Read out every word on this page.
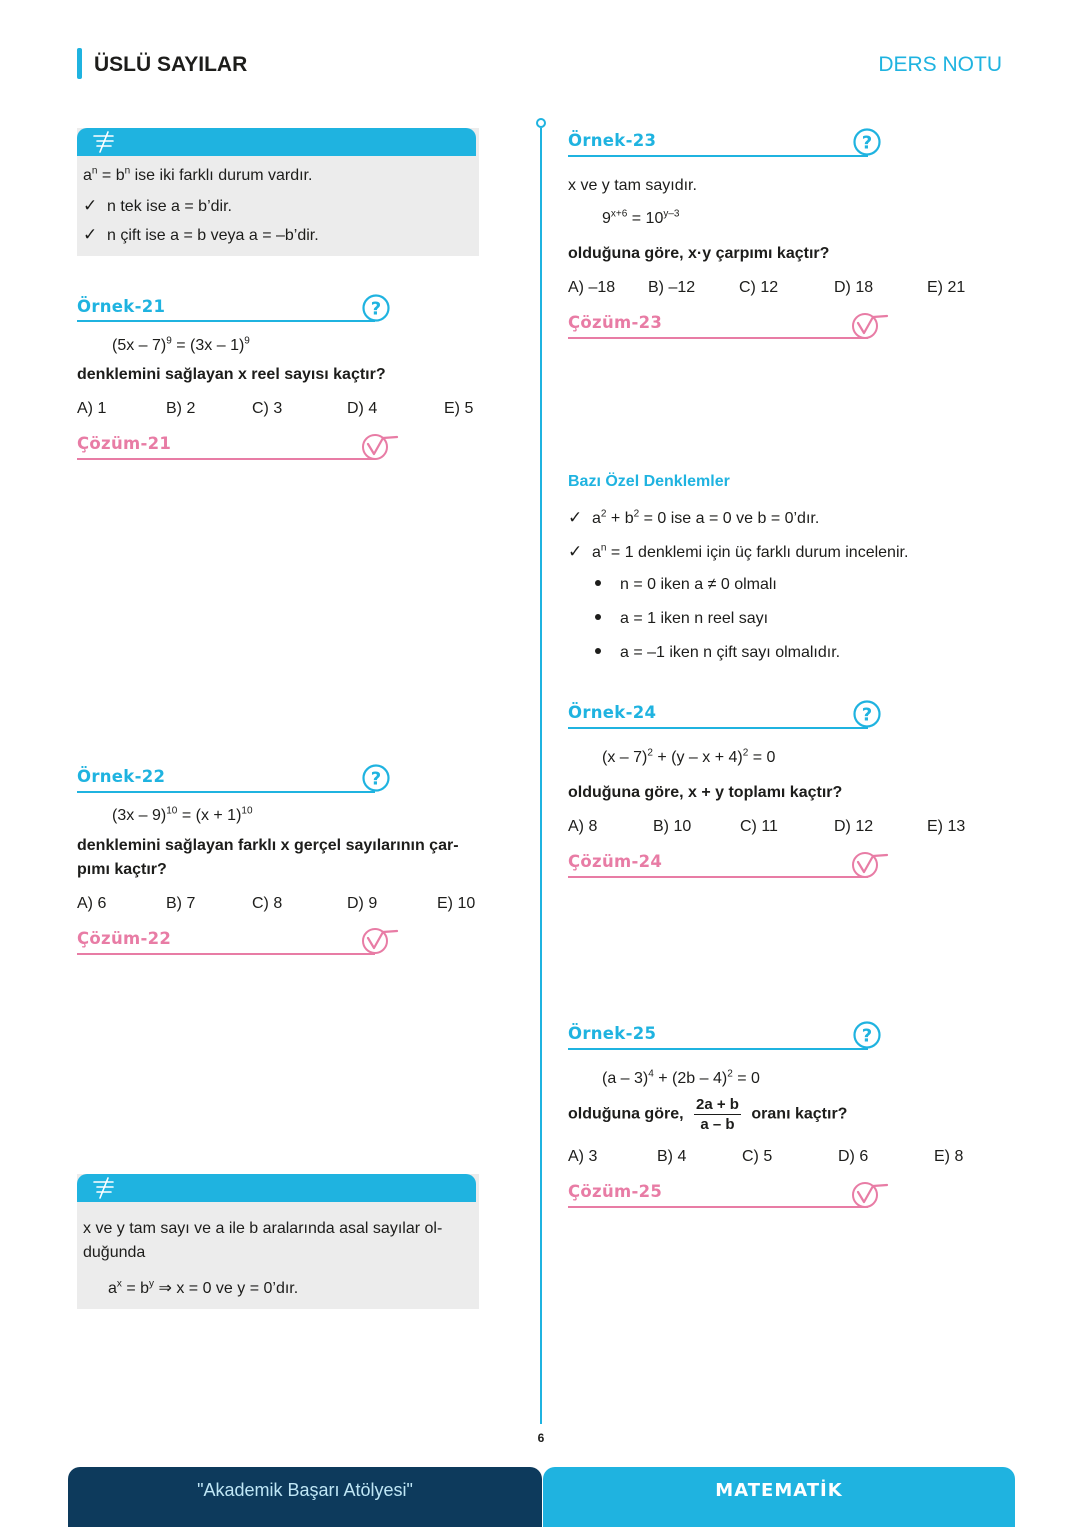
ÜSLÜ SAYILAR	DERS NOTU
$a^n = b^n$ ise iki farklı durum vardır.
✓ n tek ise a = b’dir.
✓ n çift ise a = b veya a = –b’dir.
Örnek-21	?
(5x – 7)$^9$ = (3x – 1)$^9$
denklemini sağlayan x reel sayısı kaçtır?
A) 1	B) 2	C) 3	D) 4	E) 5
Çözüm-21
Örnek-22	?
$(3x - 9)^{10} = (x + 1)^{10}$
denklemini sağlayan farklı x gerçel sayılarının çar-
pımı kaçtır?
A) 6	B) 7	C) 8	D) 9	E) 10
Çözüm-22
x ve y tam sayı ve a ile b aralarında asal sayılar ol-
duğunda
$a^x = b^y$ ⇒ x = 0 ve y = 0’dır.
Örnek-23	?
x ve y tam sayıdır.
$9^{x+6} = 10^{y-3}$
olduğuna göre, x·y çarpımı kaçtır?
A) –18 B) –12	C) 12	D) 18	E) 21
Çözüm-23
Bazı Özel Denklemler
✓ $a^2 + b^2 = 0$ ise a = 0 ve b = 0’dır.
✓ $a^n = 1$ denklemi için üç farklı durum incelenir.
n = 0 iken a ≠ 0 olmalı
a = 1 iken n reel sayı
a = –1 iken n çift sayı olmalıdır.
Örnek-24	?
$(x - 7)^2 + (y - x + 4)^2 = 0$
olduğuna göre, x + y toplamı kaçtır?
A) 8	B) 10	C) 11	D) 12	E) 13
Çözüm-24
Örnek-25	?
(a – 3)$^4$ + (2b – 4)$^2$ = 0
olduğuna göre, $\frac{2a + b}{a - b}$ oranı kaçtır?
A) 3	B) 4	C) 5	D) 6	E) 8
Çözüm-25
6
"Akademik Başarı Atölyesi"	MATEMATİK
